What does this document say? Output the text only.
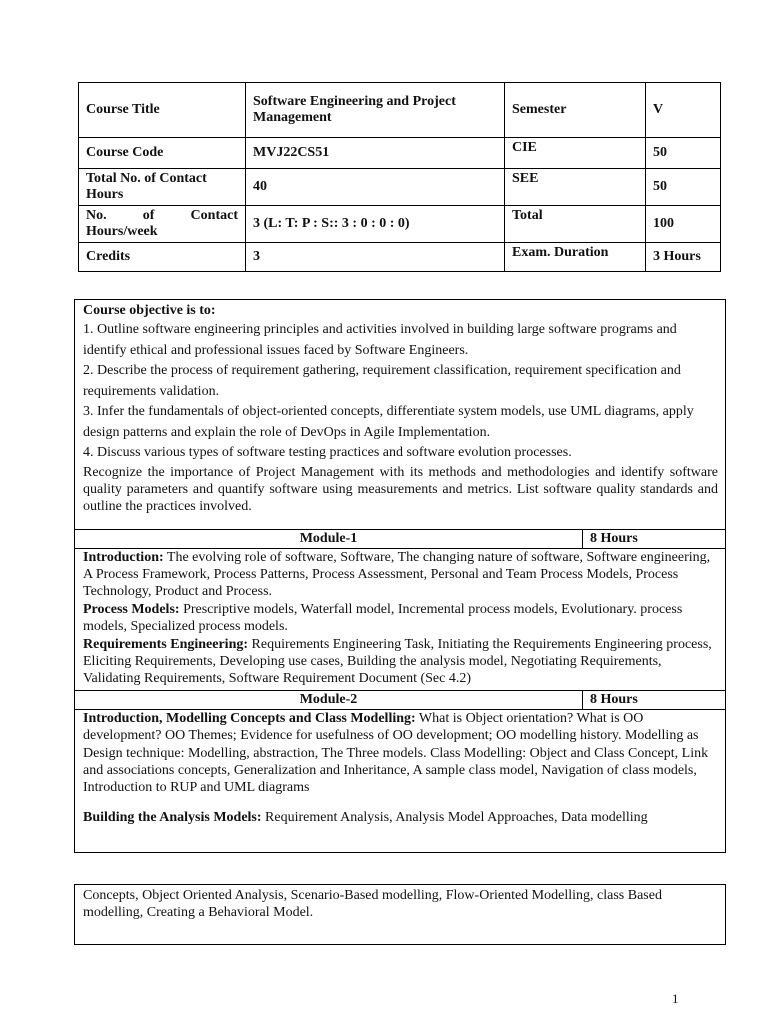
Course Title	Software Engineering and Project Management	Semester	V
Course Code	MVJ22CS51	CIE	50
Total No. of Contact Hours	40	SEE	50

No. of Contact
Hours/week	3 (L: T: P : S:: 3 : 0 : 0 : 0)	Total	100
Credits	3	Exam. Duration	3 Hours
Course objective is to:
1. Outline software engineering principles and activities involved in building large software programs and identify ethical and professional issues faced by Software Engineers.
2. Describe the process of requirement gathering, requirement classification, requirement specification and requirements validation.
3. Infer the fundamentals of object-oriented concepts, differentiate system models, use UML diagrams, apply design patterns and explain the role of DevOps in Agile Implementation.
4. Discuss various types of software testing practices and software evolution processes.
Recognize the importance of Project Management with its methods and methodologies and identify software quality parameters and quantify software using measurements and metrics. List software quality standards and outline the practices involved.
Module-1	8 Hours

Introduction: The evolving role of software, Software, The changing nature of software, Software engineering, A Process Framework, Process Patterns, Process Assessment, Personal and Team Process Models, Process Technology, Product and Process.

Process Models: Prescriptive models, Waterfall model, Incremental process models, Evolutionary. process models, Specialized process models.

Requirements Engineering: Requirements Engineering Task, Initiating the Requirements Engineering process, Eliciting Requirements, Developing use cases, Building the analysis model, Negotiating Requirements, Validating Requirements, Software Requirement Document (Sec 4.2)

Module-2	8 Hours

Introduction, Modelling Concepts and Class Modelling: What is Object orientation? What is OO development? OO Themes; Evidence for usefulness of OO development; OO modelling history. Modelling as Design technique: Modelling, abstraction, The Three models. Class Modelling: Object and Class Concept, Link and associations concepts, Generalization and Inheritance, A sample class model, Navigation of class models, Introduction to RUP and UML diagrams

Building the Analysis Models: Requirement Analysis, Analysis Model Approaches, Data modelling

Concepts, Object Oriented Analysis, Scenario-Based modelling, Flow-Oriented Modelling, class Based modelling, Creating a Behavioral Model.
1
